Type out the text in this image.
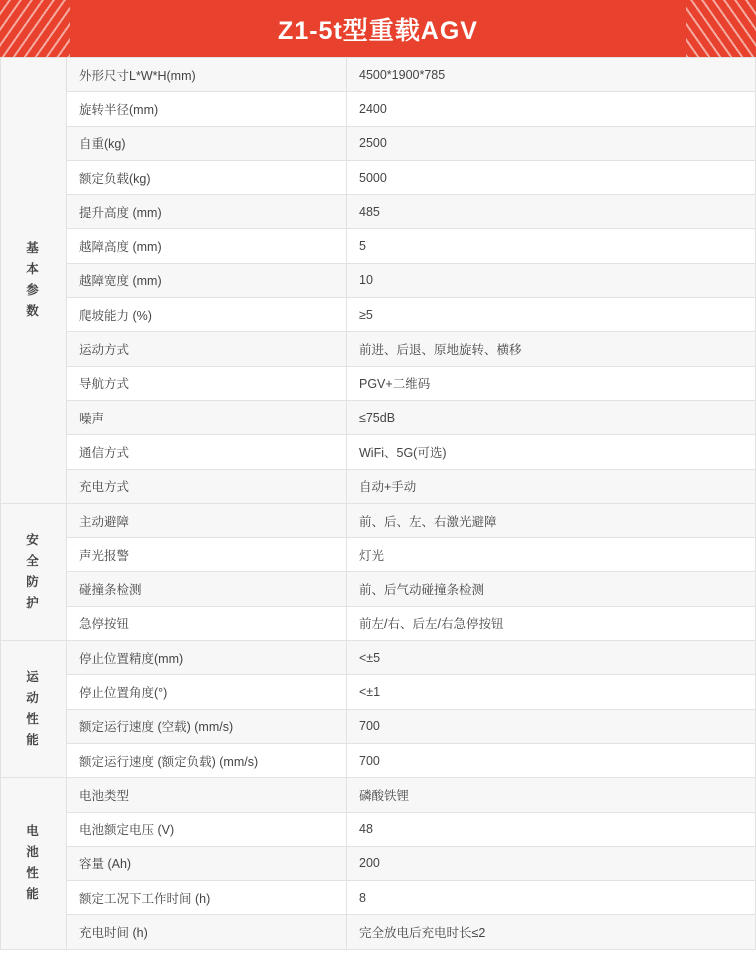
Z1-5t型重载AGV
基
本
参
数	外形尺寸L*W*H(mm)	4500*1900*785
	旋转半径(mm)	2400
	自重(kg)	2500
	额定负载(kg)	5000
	提升高度 (mm)	485
	越障高度 (mm)	5
	越障宽度 (mm)	10
	爬坡能力 (%)	≥5
	运动方式	前进、后退、原地旋转、横移
	导航方式	PGV+二维码
	噪声	≤75dB
	通信方式	WiFi、5G(可选)
	充电方式	自动+手动

安
全
防
护	主动避障	前、后、左、右激光避障
	声光报警	灯光
	碰撞条检测	前、后气动碰撞条检测
	急停按钮	前左/右、后左/右急停按钮

运
动
性
能	停止位置精度(mm)	<±5
	停止位置角度(°)	<±1
	额定运行速度 (空载) (mm/s)	700
	额定运行速度 (额定负载) (mm/s)	700

电
池
性
能	电池类型	磷酸铁锂
	电池额定电压 (V)	48
	容量 (Ah)	200
	额定工况下工作时间 (h)	8
	充电时间 (h)	完全放电后充电时长≤2
